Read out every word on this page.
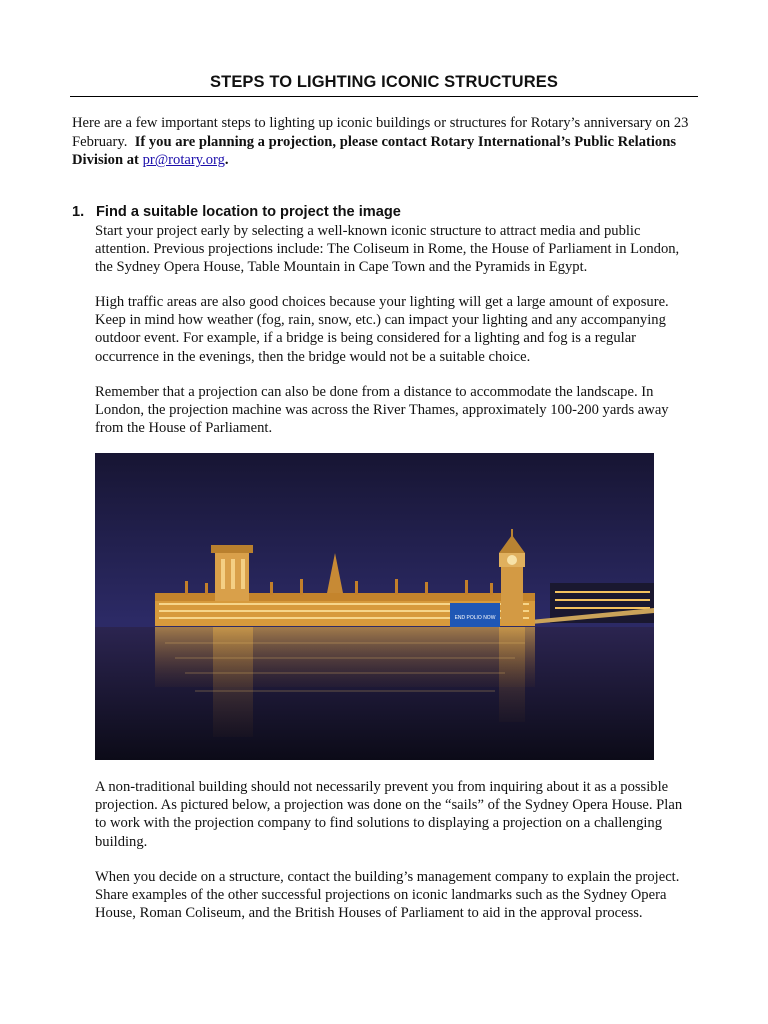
STEPS TO LIGHTING ICONIC STRUCTURES
Here are a few important steps to lighting up iconic buildings or structures for Rotary’s anniversary on 23 February. If you are planning a projection, please contact Rotary International’s Public Relations Division at pr@rotary.org.
1. Find a suitable location to project the image
Start your project early by selecting a well-known iconic structure to attract media and public attention. Previous projections include: The Coliseum in Rome, the House of Parliament in London, the Sydney Opera House, Table Mountain in Cape Town and the Pyramids in Egypt.
High traffic areas are also good choices because your lighting will get a large amount of exposure. Keep in mind how weather (fog, rain, snow, etc.) can impact your lighting and any accompanying outdoor event. For example, if a bridge is being considered for a lighting and fog is a regular occurrence in the evenings, then the bridge would not be a suitable choice.
Remember that a projection can also be done from a distance to accommodate the landscape. In London, the projection machine was across the River Thames, approximately 100-200 yards away from the House of Parliament.
END POLIO NOW
A non-traditional building should not necessarily prevent you from inquiring about it as a possible projection. As pictured below, a projection was done on the “sails” of the Sydney Opera House. Plan to work with the projection company to find solutions to displaying a projection on a challenging building.
When you decide on a structure, contact the building’s management company to explain the project. Share examples of the other successful projections on iconic landmarks such as the Sydney Opera House, Roman Coliseum, and the British Houses of Parliament to aid in the approval process.
